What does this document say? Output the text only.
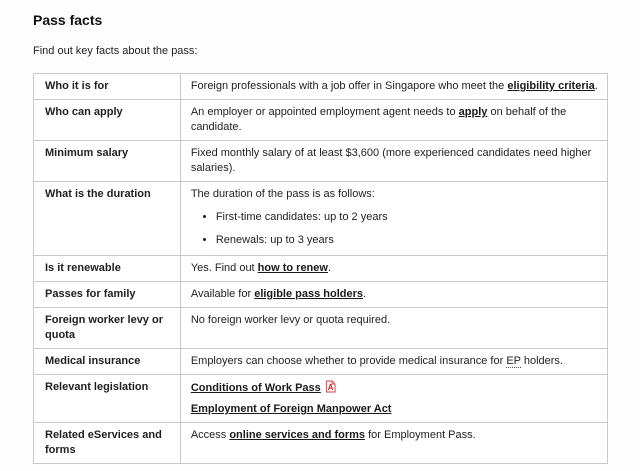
Pass facts
Find out key facts about the pass:
Who it is for	Foreign professionals with a job offer in Singapore who meet the eligibility criteria.
Who can apply	An employer or appointed employment agent needs to apply on behalf of the candidate.
Minimum salary	Fixed monthly salary of at least $3,600 (more experienced candidates need higher salaries).
What is the duration	The duration of the pass is as follows:
• First-time candidates: up to 2 years
• Renewals: up to 3 years

Is it renewable	Yes. Find out how to renew.
Passes for family	Available for eligible pass holders.
Foreign worker levy or quota	No foreign worker levy or quota required.
Medical insurance	Employers can choose whether to provide medical insurance for EP holders.
Relevant legislation	Conditions of Work Pass A
Employment of Foreign Manpower Act

Related eServices and forms	Access online services and forms for Employment Pass.
